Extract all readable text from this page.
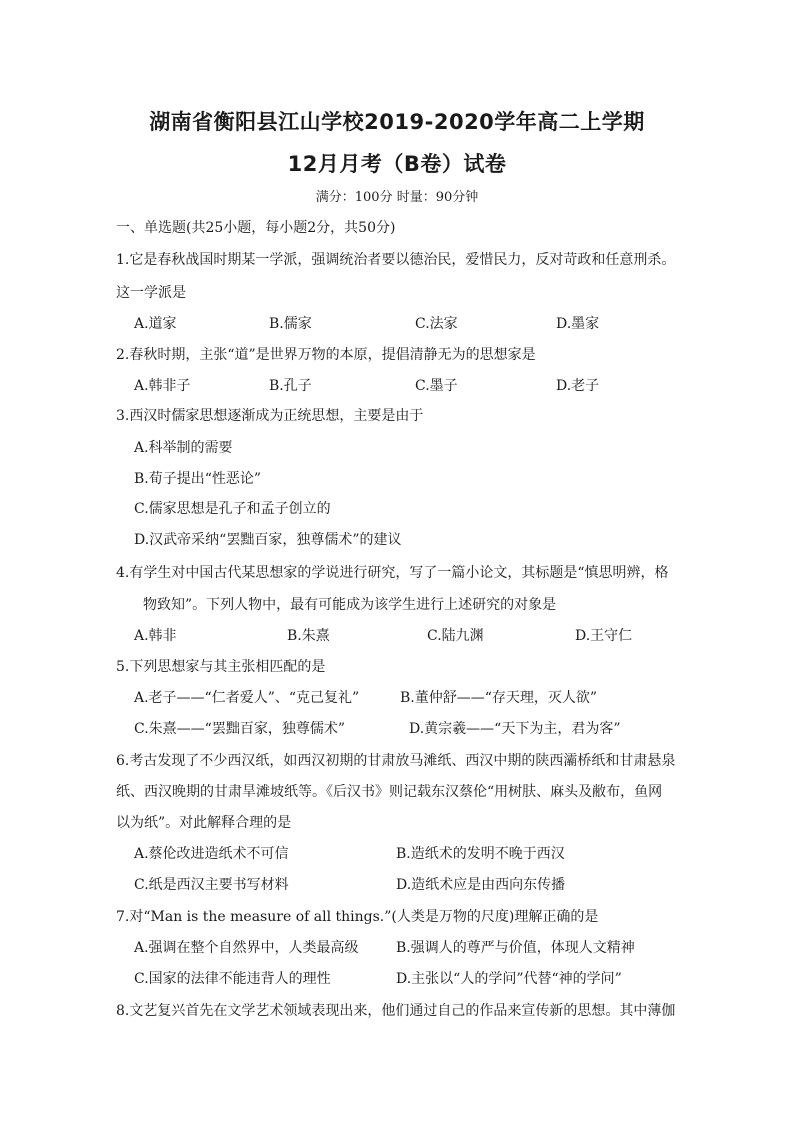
湖南省衡阳县江山学校2019-2020学年高二上学期
12月月考（B卷）试卷
满分：100分 时量：90分钟
一、单选题(共25小题，每小题2分，共50分)
1.它是春秋战国时期某一学派，强调统治者要以德治民，爱惜民力，反对苛政和任意刑杀。
这一学派是
A.道家	B.儒家	C.法家	D.墨家
2.春秋时期，主张“道”是世界万物的本原，提倡清静无为的思想家是
A.韩非子	B.孔子	C.墨子	D.老子
3.西汉时儒家思想逐渐成为正统思想，主要是由于
A.科举制的需要
B.荀子提出“性恶论”
C.儒家思想是孔子和孟子创立的
D.汉武帝采纳“罢黜百家，独尊儒术”的建议
4.有学生对中国古代某思想家的学说进行研究，写了一篇小论文，其标题是“慎思明辨，格
物致知”。下列人物中，最有可能成为该学生进行上述研究的对象是
A.韩非	B.朱熹	C.陆九渊	D.王守仁
5.下列思想家与其主张相匹配的是
A.老子——“仁者爱人”、“克己复礼”	B.董仲舒——“存天理，灭人欲”
C.朱熹——“罢黜百家，独尊儒术”	D.黄宗羲——“天下为主，君为客”
6.考古发现了不少西汉纸，如西汉初期的甘肃放马滩纸、西汉中期的陕西灞桥纸和甘肃悬泉
纸、西汉晚期的甘肃旱滩坡纸等。《后汉书》则记载东汉蔡伦“用树肤、麻头及敝布，鱼网
以为纸”。对此解释合理的是
A.蔡伦改进造纸术不可信	B.造纸术的发明不晚于西汉
C.纸是西汉主要书写材料	D.造纸术应是由西向东传播
7.对“Man is the measure of all things.”(人类是万物的尺度)理解正确的是
A.强调在整个自然界中，人类最高级	B.强调人的尊严与价值，体现人文精神
C.国家的法律不能违背人的理性	D.主张以“人的学问”代替“神的学问”
8.文艺复兴首先在文学艺术领域表现出来，他们通过自己的作品来宣传新的思想。其中薄伽
